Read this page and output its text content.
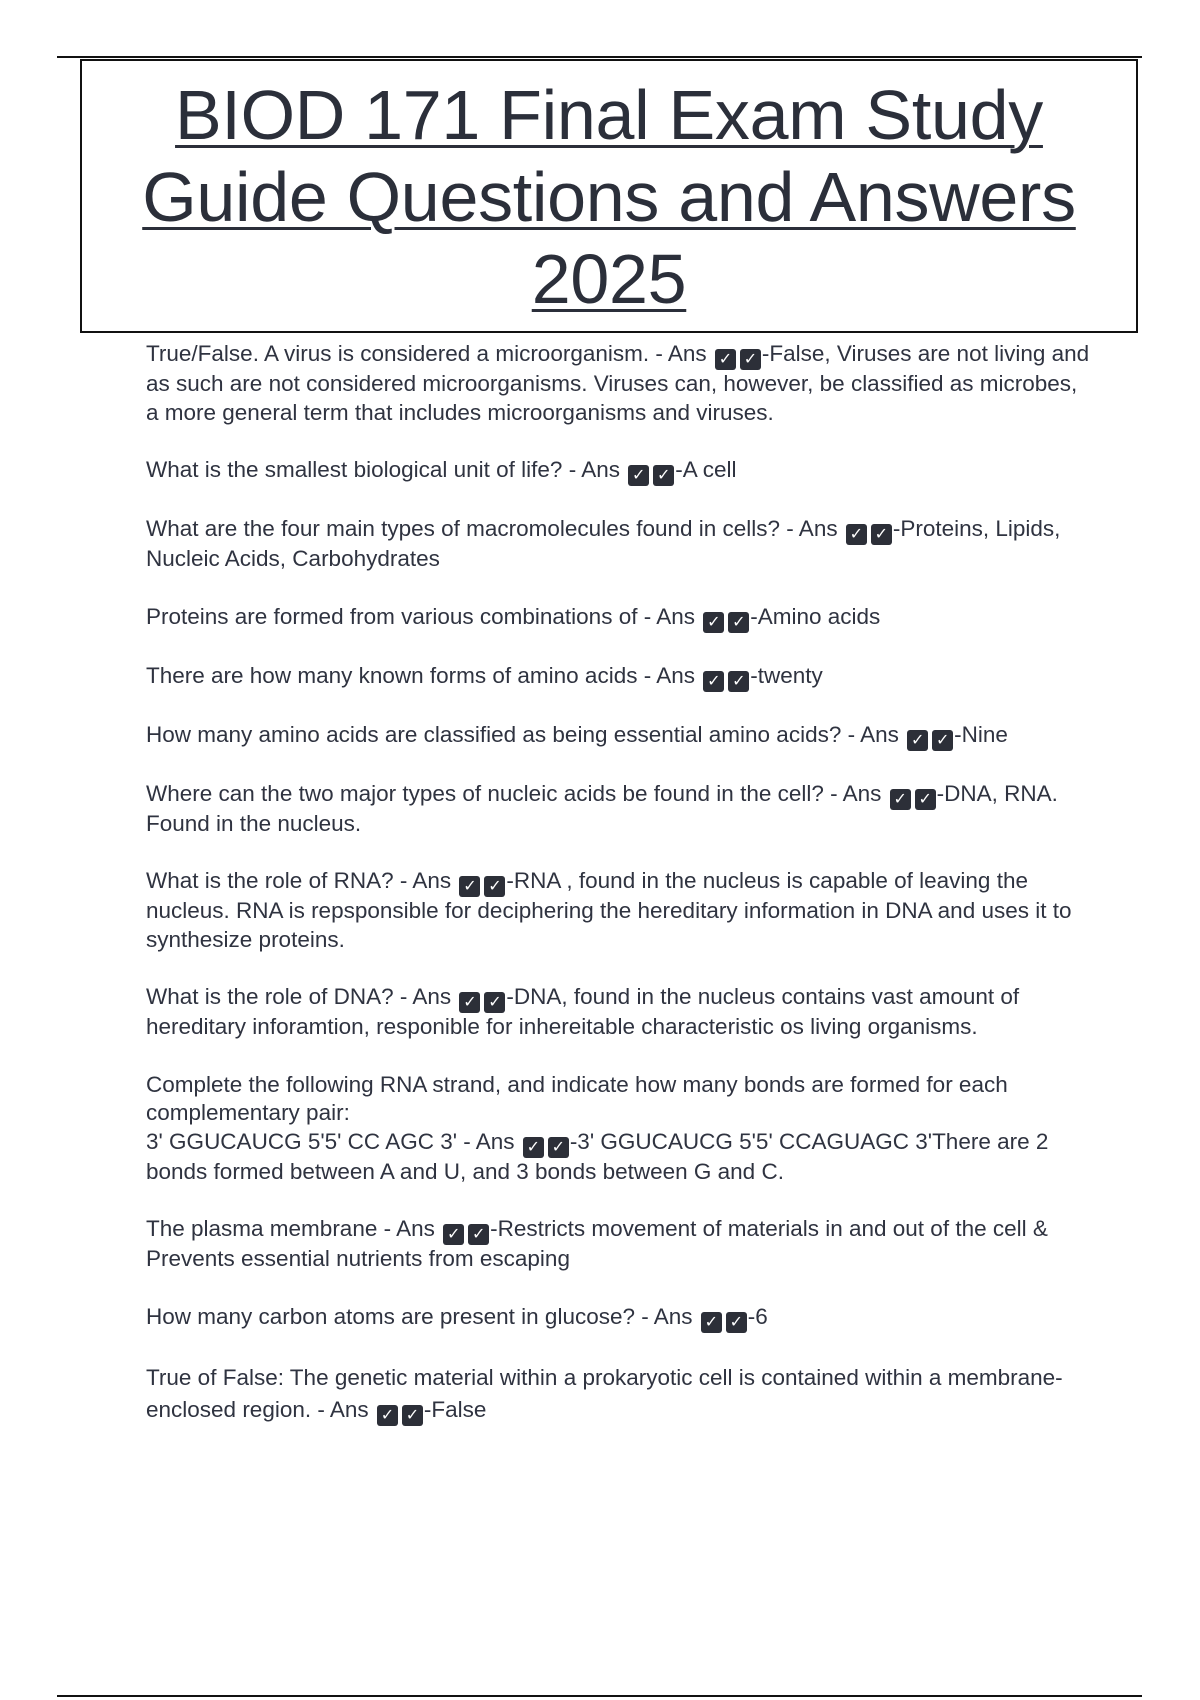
BIOD 171 Final Exam Study
Guide Questions and Answers
2025

True/False. A virus is considered a microorganism. - Ans ✓ ✓ -False, Viruses are not living and as such are not considered microorganisms. Viruses can, however, be classified as microbes, a more general term that includes microorganisms and viruses.

What is the smallest biological unit of life? - Ans ✓ ✓ -A cell

What are the four main types of macromolecules found in cells? - Ans ✓ ✓ -Proteins, Lipids, Nucleic Acids, Carbohydrates

Proteins are formed from various combinations of - Ans ✓ ✓ -Amino acids

There are how many known forms of amino acids - Ans ✓ ✓ -twenty

How many amino acids are classified as being essential amino acids? - Ans ✓ ✓ -Nine

Where can the two major types of nucleic acids be found in the cell? - Ans ✓ ✓ -DNA, RNA. Found in the nucleus.

What is the role of RNA? - Ans ✓ ✓ -RNA , found in the nucleus is capable of leaving the nucleus. RNA is repsponsible for deciphering the hereditary information in DNA and uses it to synthesize proteins.

What is the role of DNA? - Ans ✓ ✓ -DNA, found in the nucleus contains vast amount of hereditary inforamtion, responible for inhereitable characteristic os living organisms.

Complete the following RNA strand, and indicate how many bonds are formed for each complementary pair:
3' GGUCAUCG 5'5' CC AGC 3' - Ans ✓ ✓ -3' GGUCAUCG 5'5' CCAGUAGC 3'There are 2 bonds formed between A and U, and 3 bonds between G and C.

The plasma membrane - Ans ✓ ✓ -Restricts movement of materials in and out of the cell & Prevents essential nutrients from escaping

How many carbon atoms are present in glucose? - Ans ✓ ✓ -6

True of False: The genetic material within a prokaryotic cell is contained within a membrane-enclosed region. - Ans ✓ ✓ -False
